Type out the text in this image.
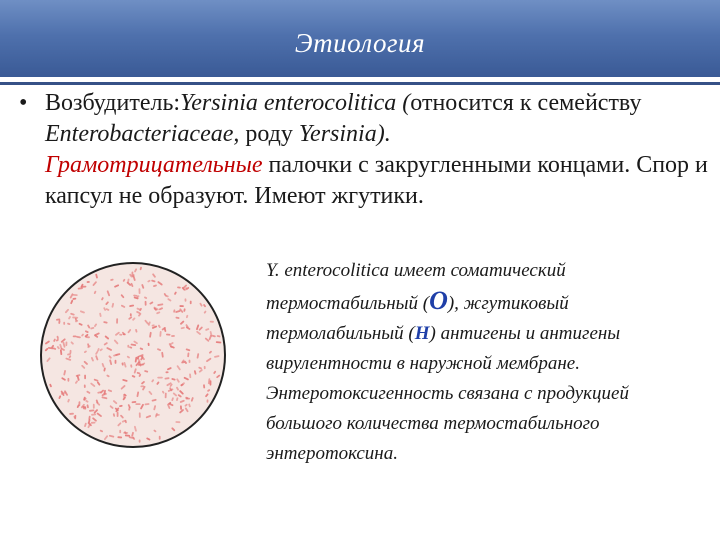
Этиология
• Возбудитель:Yersinia enterocolitica (относится к семейству Enterobacteriaceae, роду Yersinia).
Грамотрицательные палочки с закругленными концами. Спор и капсул не образуют. Имеют жгутики.
Y. enterocolitica имеет соматический термостабильный (O), жгутиковый термолабильный (H) антигены и антигены вирулентности в наружной мембране. Энтеротоксигенность связана с продукцией большого количества термостабильного энтеротоксина.
